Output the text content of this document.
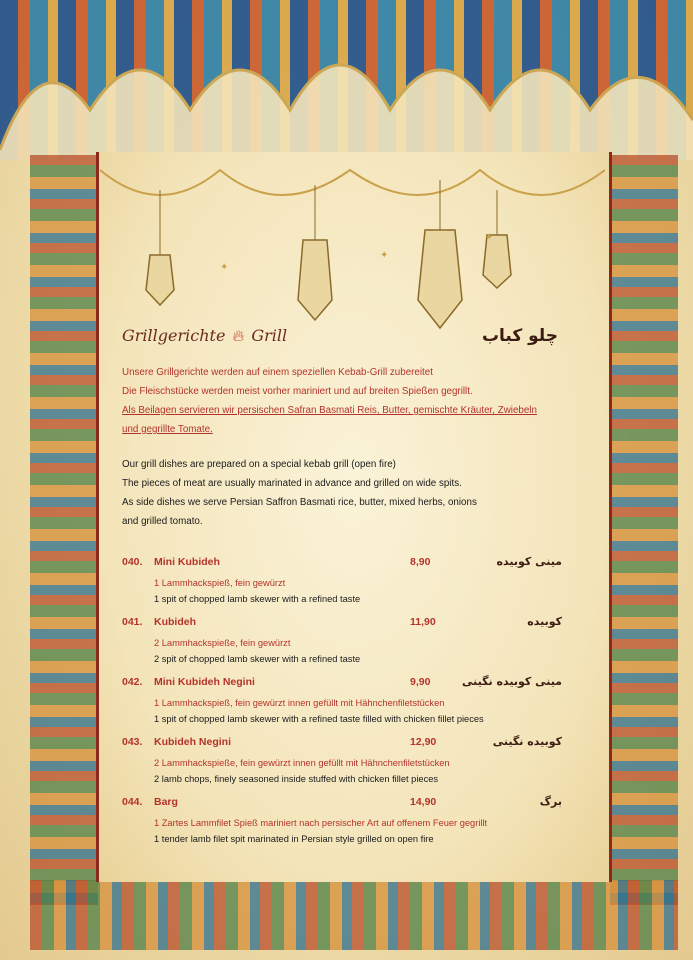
✦
✦
✦
Grillgerichte 🔥︎ Grill	چلو کباب
Unsere Grillgerichte werden auf einem speziellen Kebab-Grill zubereitet
Die Fleischstücke werden meist vorher mariniert und auf breiten Spießen gegrillt.
Als Beilagen servieren wir persischen Safran Basmati Reis, Butter, gemischte Kräuter, Zwiebeln
und gegrillte Tomate.
Our grill dishes are prepared on a special kebab grill (open fire)
The pieces of meat are usually marinated in advance and grilled on wide spits.
As side dishes we serve Persian Saffron Basmati rice, butter, mixed herbs, onions
and grilled tomato.
040. Mini Kubideh	8,90	مینی کوبیده
1 Lammhackspieß, fein gewürzt
1 spit of chopped lamb skewer with a refined taste
041. Kubideh	11,90	کوبیده
2 Lammhackspieße, fein gewürzt
2 spit of chopped lamb skewer with a refined taste
042. Mini Kubideh Negini	9,90	مینی کوبیده نگینی
1 Lammhackspieß, fein gewürzt innen gefüllt mit Hähnchenfiletstücken
1 spit of chopped lamb skewer with a refined taste filled with chicken fillet pieces
043. Kubideh Negini	12,90	کوبیده نگینی
2 Lammhackspieße, fein gewürzt innen gefüllt mit Hähnchenfiletstücken
2 lamb chops, finely seasoned inside stuffed with chicken fillet pieces
044. Barg	14,90	برگ
1 Zartes Lammfilet Spieß mariniert nach persischer Art auf offenem Feuer gegrillt
1 tender lamb filet spit marinated in Persian style grilled on open fire
